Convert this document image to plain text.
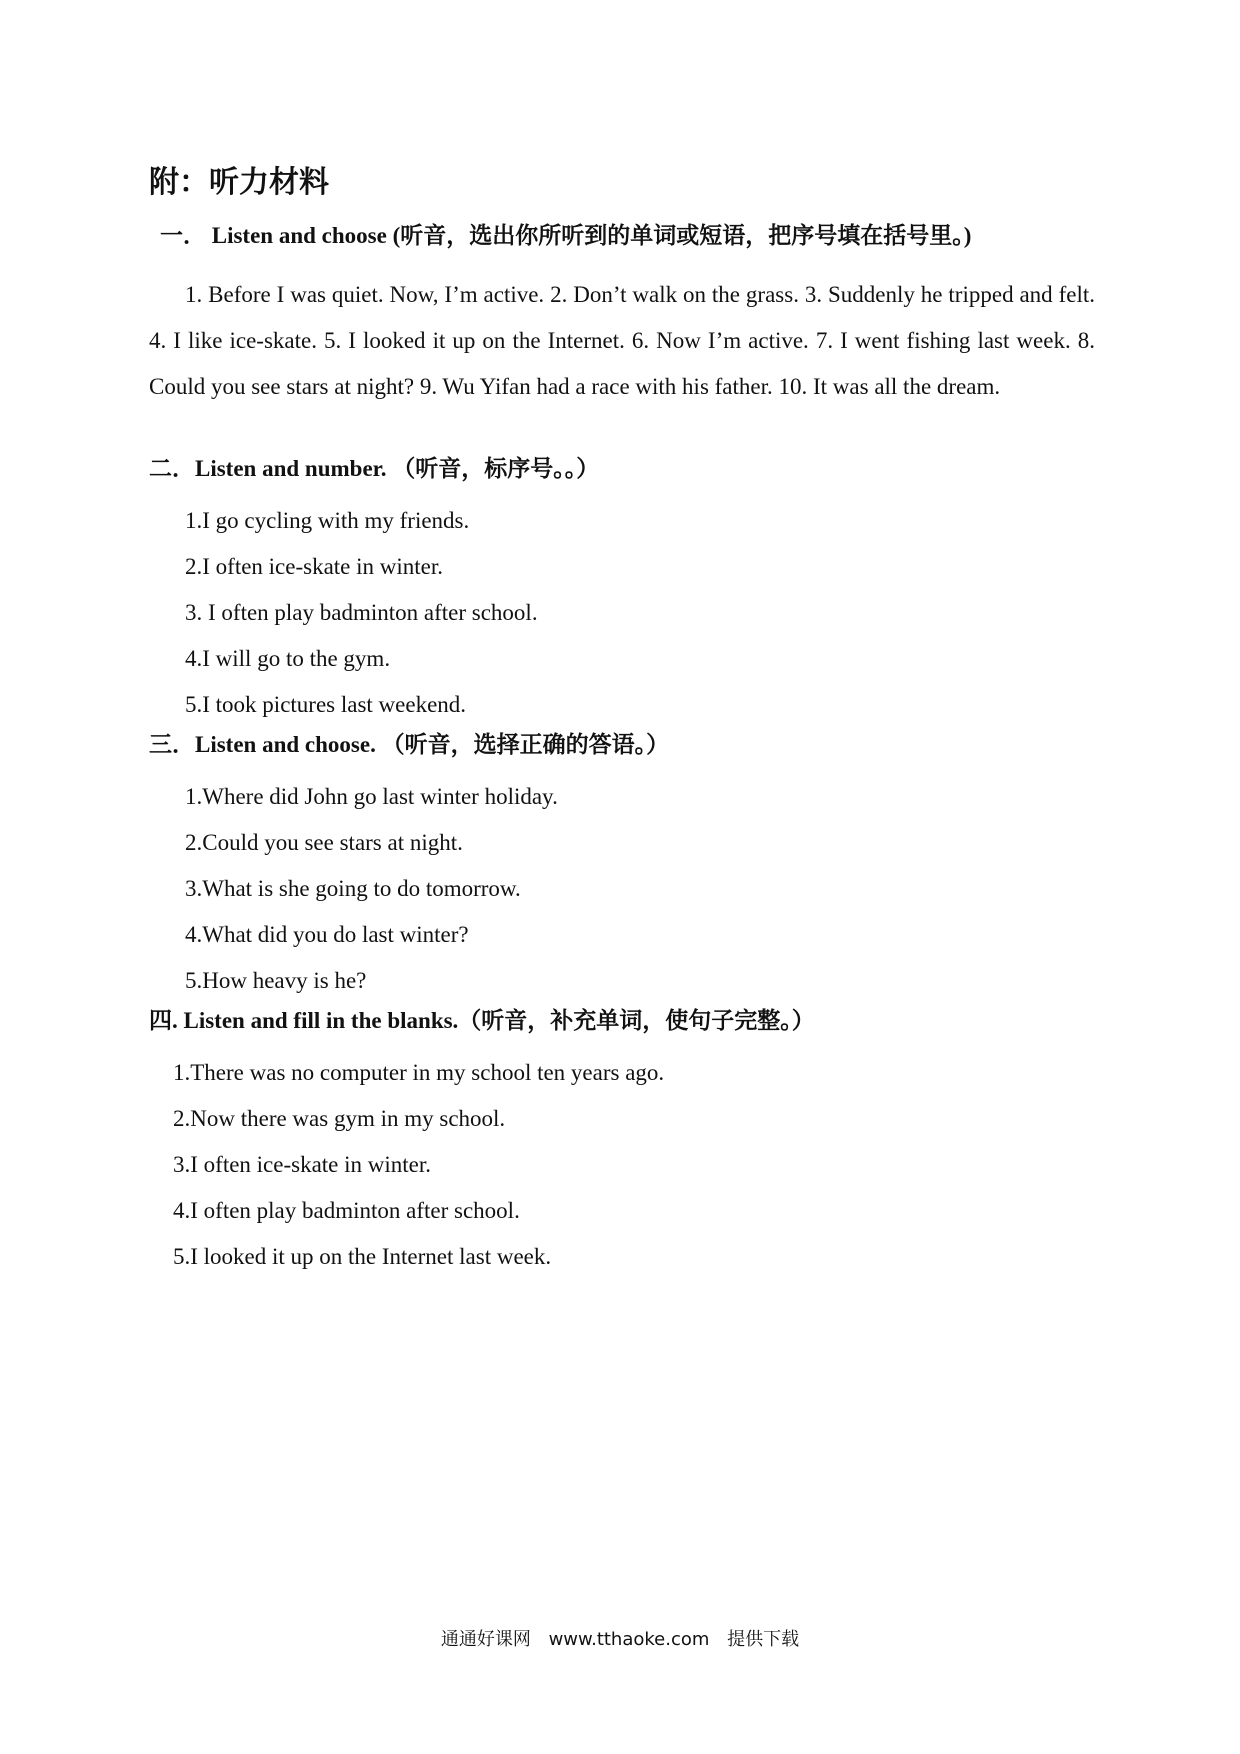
附：听力材料
一． Listen and choose (听音，选出你所听到的单词或短语，把序号填在括号里。)

1. Before I was quiet. Now, I’m active. 2. Don’t walk on the grass. 3. Suddenly he tripped and felt. 4. I like ice-skate. 5. I looked it up on the Internet. 6. Now I’m active. 7. I went fishing last week. 8. Could you see stars at night? 9. Wu Yifan had a race with his father. 10. It was all the dream.

二．Listen and number. （听音，标序号。。）
1.I go cycling with my friends.
2.I often ice-skate in winter.
3. I often play badminton after school.
4.I will go to the gym.
5.I took pictures last weekend.
三．Listen and choose. （听音，选择正确的答语。）
1.Where did John go last winter holiday.
2.Could you see stars at night.
3.What is she going to do tomorrow.
4.What did you do last winter?
5.How heavy is he?
四. Listen and fill in the blanks.（听音，补充单词，使句子完整。）
1.There was no computer in my school ten years ago.
2.Now there was gym in my school.
3.I often ice-skate in winter.
4.I often play badminton after school.
5.I looked it up on the Internet last week.
通通好课网 www.tthaoke.com 提供下载
